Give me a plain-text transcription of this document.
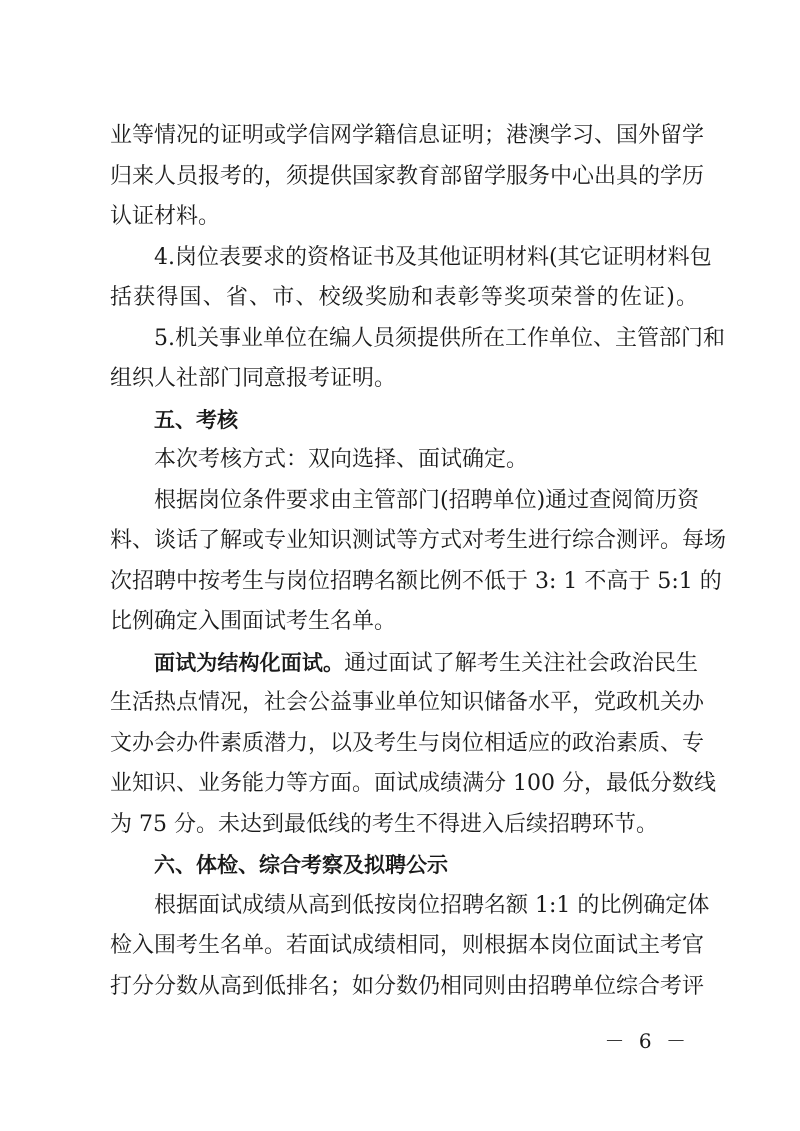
业等情况的证明或学信网学籍信息证明；港澳学习、国外留学
归来人员报考的，须提供国家教育部留学服务中心出具的学历
认证材料。
4.岗位表要求的资格证书及其他证明材料(其它证明材料包
括获得国、省、市、校级奖励和表彰等奖项荣誉的佐证)。
5.机关事业单位在编人员须提供所在工作单位、主管部门和
组织人社部门同意报考证明。
五、考核
本次考核方式：双向选择、面试确定。
根据岗位条件要求由主管部门(招聘单位)通过查阅简历资
料、谈话了解或专业知识测试等方式对考生进行综合测评。每场
次招聘中按考生与岗位招聘名额比例不低于 3: 1 不高于 5:1 的
比例确定入围面试考生名单。
面试为结构化面试。通过面试了解考生关注社会政治民生
生活热点情况，社会公益事业单位知识储备水平，党政机关办
文办会办件素质潜力，以及考生与岗位相适应的政治素质、专
业知识、业务能力等方面。面试成绩满分 100 分，最低分数线
为 75 分。未达到最低线的考生不得进入后续招聘环节。
六、体检、综合考察及拟聘公示
根据面试成绩从高到低按岗位招聘名额 1:1 的比例确定体
检入围考生名单。若面试成绩相同，则根据本岗位面试主考官
打分分数从高到低排名；如分数仍相同则由招聘单位综合考评
－ 6 －
